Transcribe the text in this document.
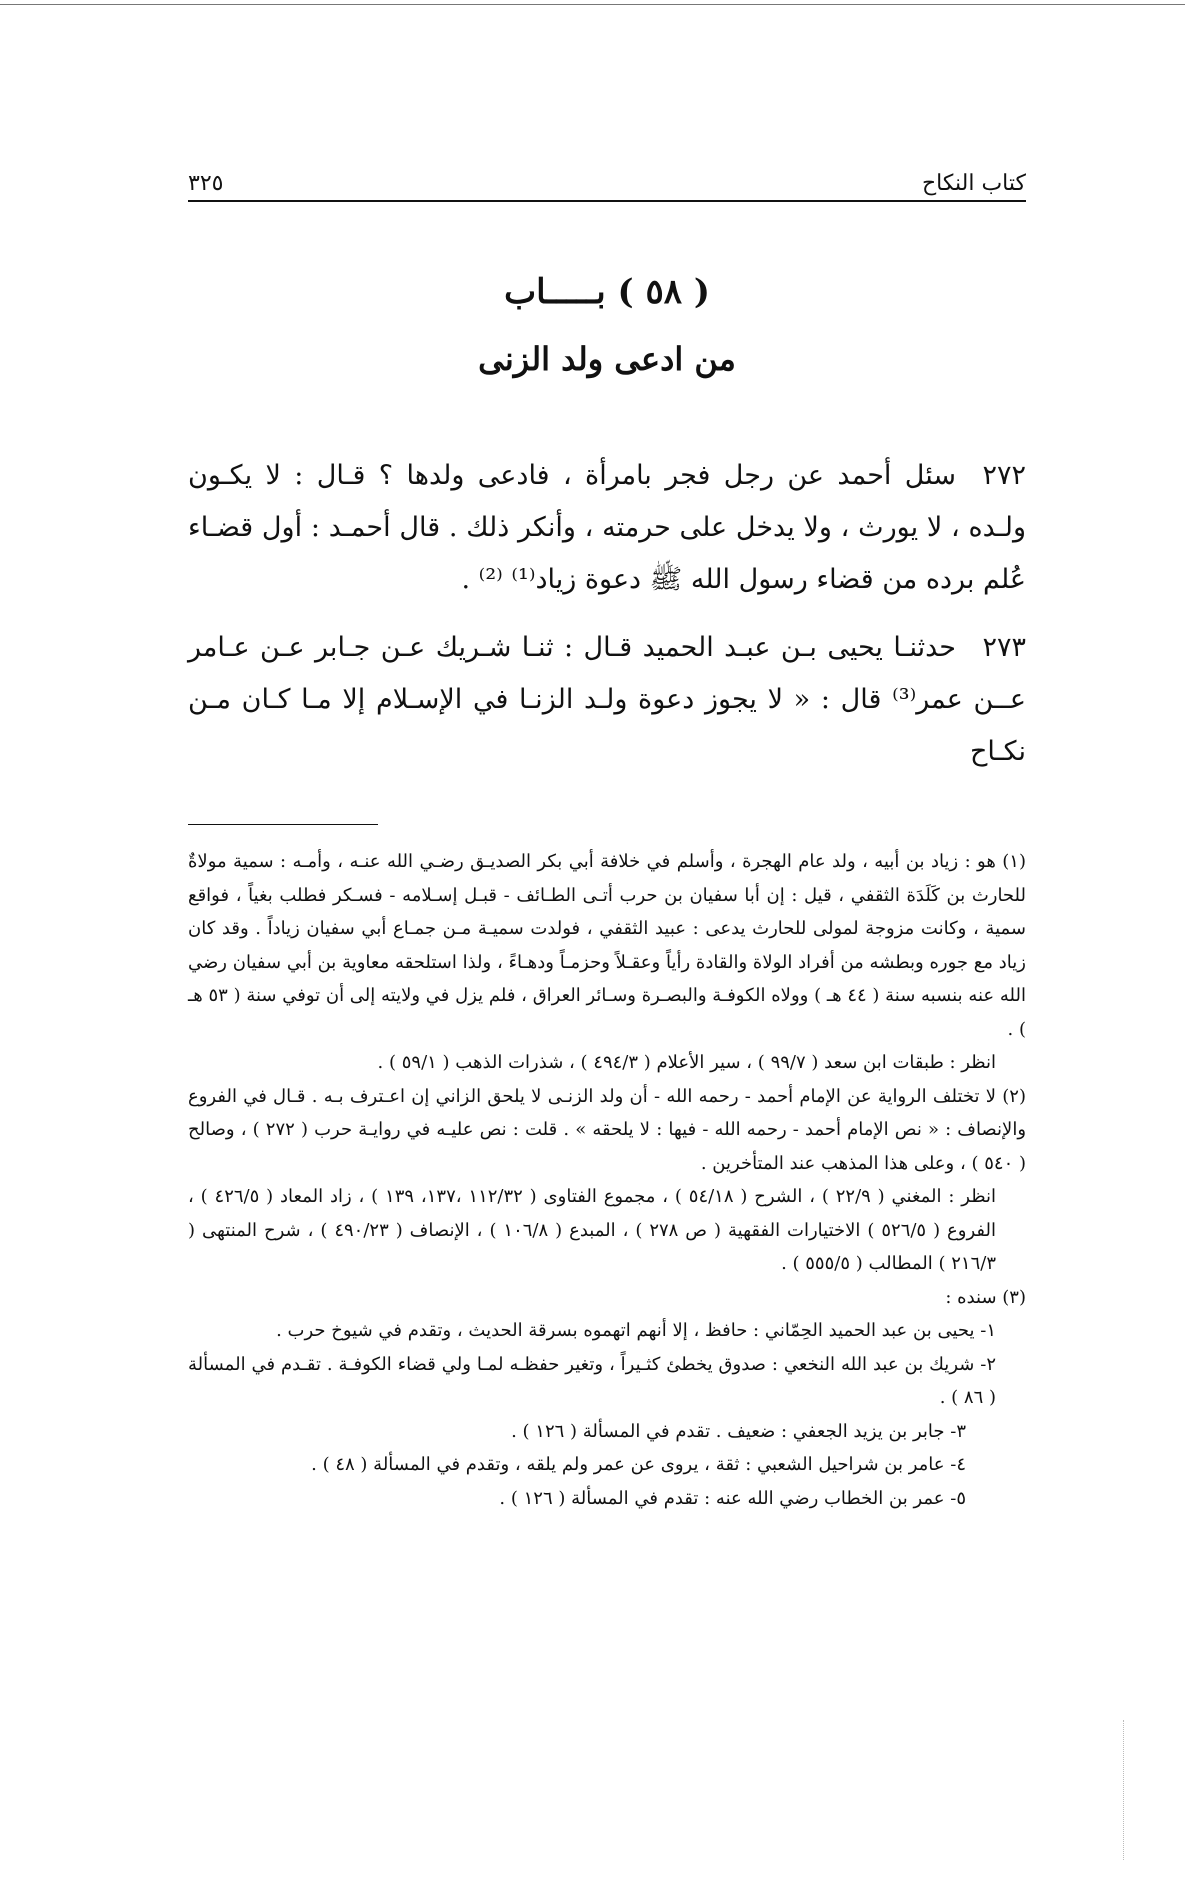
كتاب النكاح
٣٢٥
( ٥٨ ) بـــــاب
من ادعى ولد الزنى
٢٧٢سئل أحمد عن رجل فجر بامرأة ، فادعى ولدها ؟ قـال : لا يكـون ولـده ، لا يورث ، ولا يدخل على حرمته ، وأنكر ذلك . قال أحمـد : أول قضـاء عُلم برده من قضاء رسول الله ﷺ دعوة زياد⁽¹⁾ ⁽²⁾ .
٢٧٣حدثنـا يحيى بـن عبـد الحميد قـال : ثنـا شـريك عـن جـابر عـن عـامر عــن عمر⁽³⁾ قال : « لا يجوز دعوة ولـد الزنـا في الإسـلام إلا مـا كـان مـن نكـاح

(١) هو : زياد بن أبيه ، ولد عام الهجرة ، وأسلم في خلافة أبي بكر الصديـق رضـي الله عنـه ، وأمـه : سمية مولاةٌ للحارث بن كَلَدَة الثقفي ، قيل : إن أبا سفيان بن حرب أتـى الطـائف - قبـل إسـلامه - فسـكر فطلب بغياً ، فواقع سمية ، وكانت مزوجة لمولى للحارث يدعى : عبيد الثقفي ، فولدت سميـة مـن جمـاع أبي سفيان زياداً . وقد كان زياد مع جوره وبطشه من أفراد الولاة والقادة رأياً وعقـلاً وحزمـاً ودهـاءً ، ولذا استلحقه معاوية بن أبي سفيان رضي الله عنه بنسبه سنة ( ٤٤ هـ ) وولاه الكوفـة والبصـرة وسـائر العراق ، فلم يزل في ولايته إلى أن توفي سنة ( ٥٣ هـ ) .

انظر : طبقات ابن سعد ( ٩٩/٧ ) ، سير الأعلام ( ٤٩٤/٣ ) ، شذرات الذهب ( ٥٩/١ ) .

(٢) لا تختلف الرواية عن الإمام أحمد - رحمه الله - أن ولد الزنـى لا يلحق الزاني إن اعـترف بـه . قـال في الفروع والإنصاف : « نص الإمام أحمد - رحمه الله - فيها : لا يلحقه » . قلت : نص عليـه في روايـة حرب ( ٢٧٢ ) ، وصالح ( ٥٤٠ ) ، وعلى هذا المذهب عند المتأخرين .

انظر : المغني ( ٢٢/٩ ) ، الشرح ( ٥٤/١٨ ) ، مجموع الفتاوى ( ١١٢/٣٢ ،١٣٧، ١٣٩ ) ، زاد المعاد ( ٤٢٦/٥ ) ، الفروع ( ٥٢٦/٥ ) الاختيارات الفقهية ( ص ٢٧٨ ) ، المبدع ( ١٠٦/٨ ) ، الإنصاف ( ٤٩٠/٢٣ ) ، شرح المنتهى ( ٢١٦/٣ ) المطالب ( ٥٥٥/٥ ) .

(٣) سنده :

١- يحيى بن عبد الحميد الحِمّاني : حافظ ، إلا أنهم اتهموه بسرقة الحديث ، وتقدم في شيوخ حرب .

٢- شريك بن عبد الله النخعي : صدوق يخطئ كثـيراً ، وتغير حفظـه لمـا ولي قضاء الكوفـة . تقـدم في المسألة ( ٨٦ ) .

٣- جابر بن يزيد الجعفي : ضعيف . تقدم في المسألة ( ١٢٦ ) .

٤- عامر بن شراحيل الشعبي : ثقة ، يروى عن عمر ولم يلقه ، وتقدم في المسألة ( ٤٨ ) .

٥- عمر بن الخطاب رضي الله عنه : تقدم في المسألة ( ١٢٦ ) .
